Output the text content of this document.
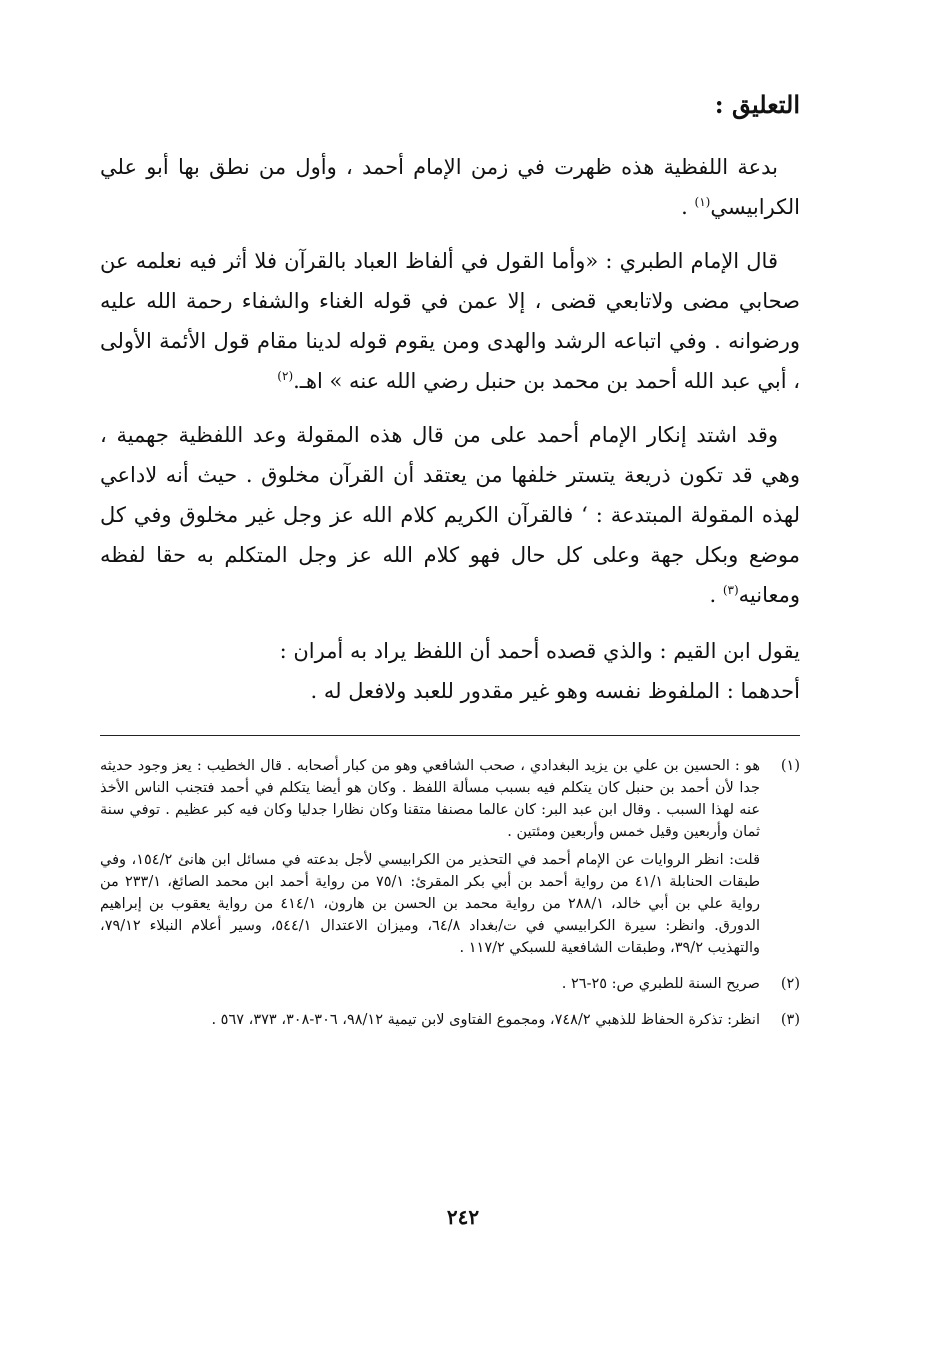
التعليق :

بدعة اللفظية هذه ظهرت في زمن الإمام أحمد ، وأول من نطق بها أبو علي الكرابيسي$^{(١)}$ .

قال الإمام الطبري : «وأما القول في ألفاظ العباد بالقرآن فلا أثر فيه نعلمه عن صحابي مضى ولاتابعي قضى ، إلا عمن في قوله الغناء والشفاء رحمة الله عليه ورضوانه . وفي اتباعه الرشد والهدى ومن يقوم قوله لدينا مقام قول الأئمة الأولى ، أبي عبد الله أحمد بن محمد بن حنبل رضي الله عنه » اهـ.$^{(٢)}$

وقد اشتد إنكار الإمام أحمد على من قال هذه المقولة وعد اللفظية جهمية ، وهي قد تكون ذريعة يتستر خلفها من يعتقد أن القرآن مخلوق . حيث أنه لاداعي لهذه المقولة المبتدعة : ‘ فالقرآن الكريم كلام الله عز وجل غير مخلوق وفي كل موضع وبكل جهة وعلى كل حال فهو كلام الله عز وجل المتكلم به حقا لفظه ومعانيه$^{(٣)}$ .

يقول ابن القيم : والذي قصده أحمد أن اللفظ يراد به أمران :
أحدهما : الملفوظ نفسه وهو غير مقدور للعبد ولافعل له .
(١)

هو : الحسين بن علي بن يزيد البغدادي ، صحب الشافعي وهو من كبار أصحابه . قال الخطيب : يعز وجود حديثه جدا لأن أحمد بن حنبل كان يتكلم فيه بسبب مسألة اللفظ . وكان هو أيضا يتكلم في أحمد فتجنب الناس الأخذ عنه لهذا السبب . وقال ابن عبد البر: كان عالما مصنفا متقنا وكان نظارا جدليا وكان فيه كبر عظيم . توفي سنة ثمان وأربعين وقيل خمس وأربعين ومئتين .

قلت: انظر الروايات عن الإمام أحمد في التحذير من الكرابيسي لأجل بدعته في مسائل ابن هانئ ١٥٤/٢، وفي طبقات الحنابلة ٤١/١ من رواية أحمد بن أبي بكر المقرئ: ٧٥/١ من رواية أحمد ابن محمد الصائغ، ٢٣٣/١ من رواية علي بن أبي خالد، ٢٨٨/١ من رواية محمد بن الحسن بن هارون، ٤١٤/١ من رواية يعقوب بن إبراهيم الدورق. وانظر: سيرة الكرابيسي في ت/بغداد ٦٤/٨، وميزان الاعتدال ٥٤٤/١، وسير أعلام النبلاء ٧٩/١٢، والتهذيب ٣٩/٢، وطبقات الشافعية للسبكي ١١٧/٢ .

(٢)

صريح السنة للطبري ص: ٢٥-٢٦ .

(٣)

انظر: تذكرة الحفاظ للذهبي ٧٤٨/٢، ومجموع الفتاوى لابن تيمية ٩٨/١٢، ٣٠٦-٣٠٨، ٣٧٣، ٥٦٧ .

٢٤٢
